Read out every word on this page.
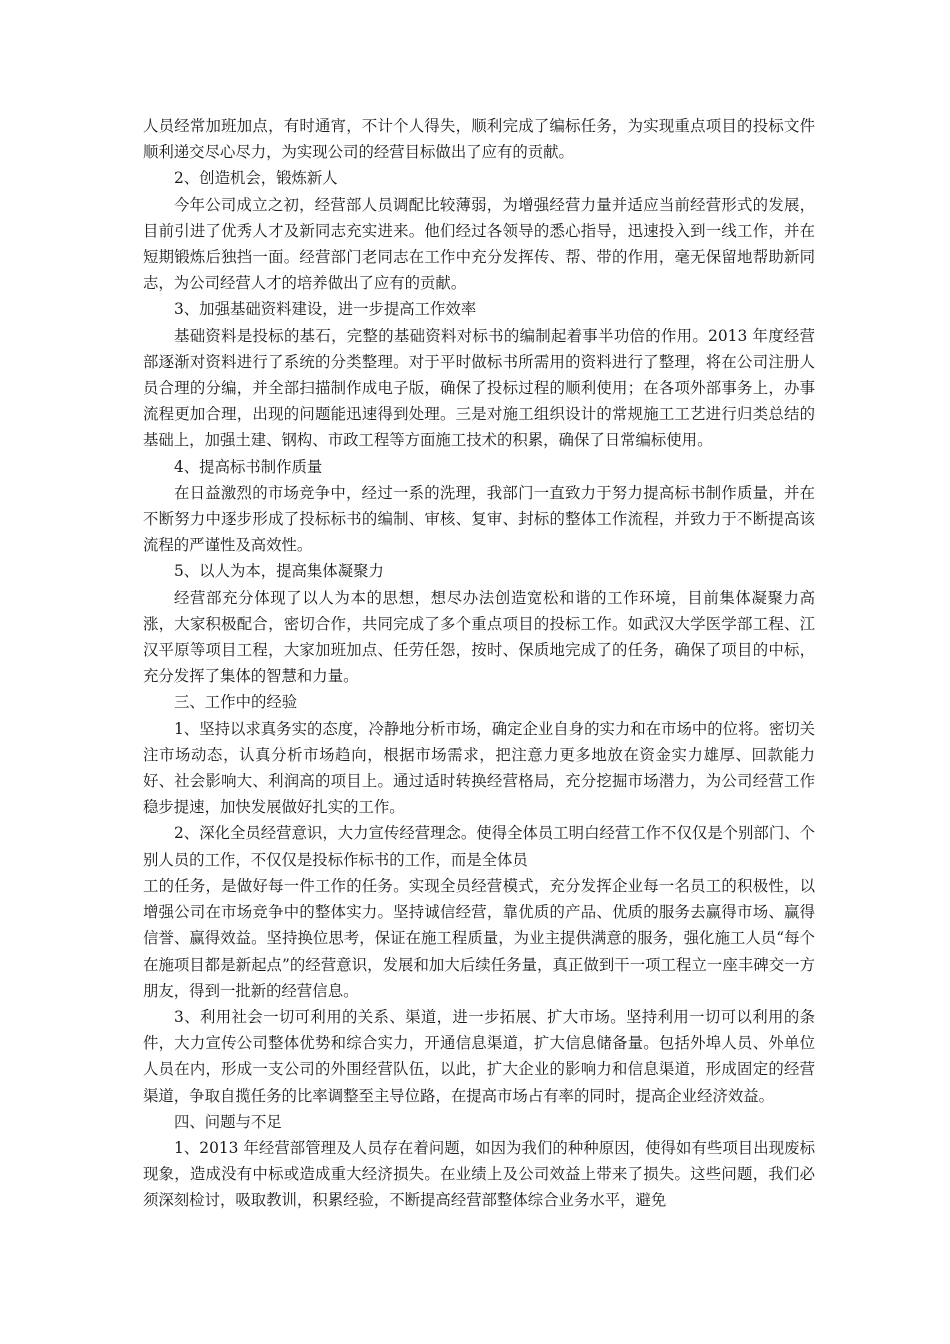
人员经常加班加点，有时通宵，不计个人得失，顺利完成了编标任务，为实现重点项目的投标文件顺利递交尽心尽力，为实现公司的经营目标做出了应有的贡献。

2、创造机会，锻炼新人

今年公司成立之初，经营部人员调配比较薄弱，为增强经营力量并适应当前经营形式的发展，目前引进了优秀人才及新同志充实进来。他们经过各领导的悉心指导，迅速投入到一线工作，并在短期锻炼后独挡一面。经营部门老同志在工作中充分发挥传、帮、带的作用，毫无保留地帮助新同志，为公司经营人才的培养做出了应有的贡献。

3、加强基础资料建设，进一步提高工作效率

基础资料是投标的基石，完整的基础资料对标书的编制起着事半功倍的作用。2013 年度经营部逐渐对资料进行了系统的分类整理。对于平时做标书所需用的资料进行了整理，将在公司注册人员合理的分编，并全部扫描制作成电子版，确保了投标过程的顺利使用；在各项外部事务上，办事流程更加合理，出现的问题能迅速得到处理。三是对施工组织设计的常规施工工艺进行归类总结的基础上，加强土建、钢构、市政工程等方面施工技术的积累，确保了日常编标使用。

4、提高标书制作质量

在日益激烈的市场竞争中，经过一系的洗理，我部门一直致力于努力提高标书制作质量，并在不断努力中逐步形成了投标标书的编制、审核、复审、封标的整体工作流程，并致力于不断提高该流程的严谨性及高效性。

5、以人为本，提高集体凝聚力

经营部充分体现了以人为本的思想，想尽办法创造宽松和谐的工作环境，目前集体凝聚力高涨，大家积极配合，密切合作，共同完成了多个重点项目的投标工作。如武汉大学医学部工程、江汉平原等项目工程，大家加班加点、任劳任怨，按时、保质地完成了的任务，确保了项目的中标，充分发挥了集体的智慧和力量。

三、工作中的经验

1、坚持以求真务实的态度，冷静地分析市场，确定企业自身的实力和在市场中的位将。密切关注市场动态，认真分析市场趋向，根据市场需求，把注意力更多地放在资金实力雄厚、回款能力好、社会影响大、利润高的项目上。通过适时转换经营格局，充分挖掘市场潜力，为公司经营工作稳步提速，加快发展做好扎实的工作。

2、深化全员经营意识，大力宣传经营理念。使得全体员工明白经营工作不仅仅是个别部门、个别人员的工作，不仅仅是投标作标书的工作，而是全体员

工的任务，是做好每一件工作的任务。实现全员经营模式，充分发挥企业每一名员工的积极性，以增强公司在市场竞争中的整体实力。坚持诚信经营，靠优质的产品、优质的服务去赢得市场、赢得信誉、赢得效益。坚持换位思考，保证在施工程质量，为业主提供满意的服务，强化施工人员“每个在施项目都是新起点”的经营意识，发展和加大后续任务量，真正做到干一项工程立一座丰碑交一方朋友，得到一批新的经营信息。

3、利用社会一切可利用的关系、渠道，进一步拓展、扩大市场。坚持利用一切可以利用的条件，大力宣传公司整体优势和综合实力，开通信息渠道，扩大信息储备量。包括外埠人员、外单位人员在内，形成一支公司的外围经营队伍，以此，扩大企业的影响力和信息渠道，形成固定的经营渠道，争取自揽任务的比率调整至主导位路，在提高市场占有率的同时，提高企业经济效益。

四、问题与不足

1、2013 年经营部管理及人员存在着问题，如因为我们的种种原因，使得如有些项目出现废标现象，造成没有中标或造成重大经济损失。在业绩上及公司效益上带来了损失。这些问题，我们必须深刻检讨，吸取教训，积累经验，不断提高经营部整体综合业务水平，避免
